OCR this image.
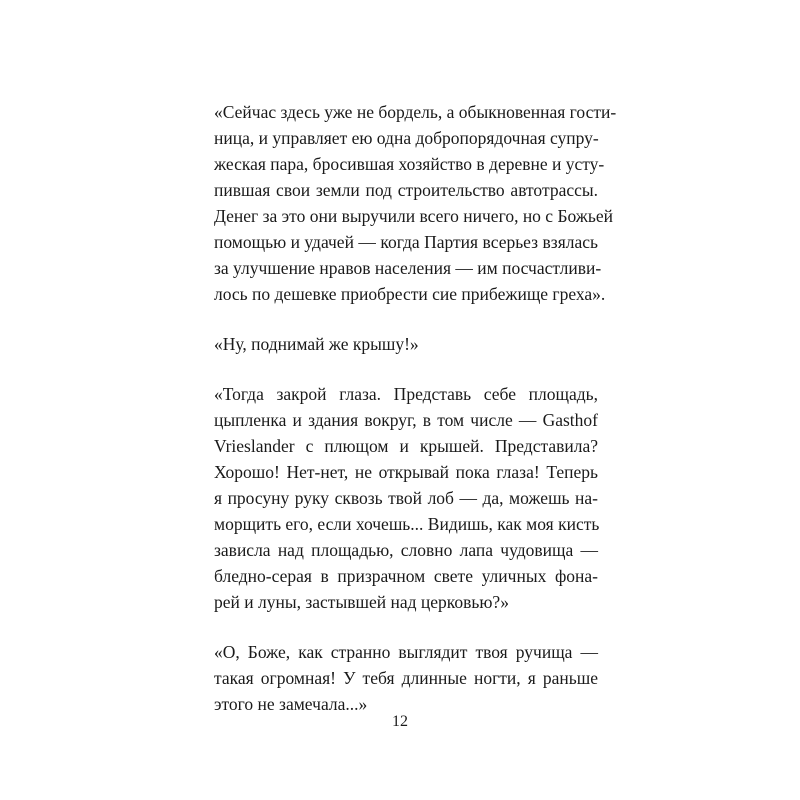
«Сейчас здесь уже не бордель, а обыкновенная гости-
ница, и управляет ею одна добропорядочная супру-
жеская пара, бросившая хозяйство в деревне и усту-
пившая свои земли под строительство автотрассы.
Денег за это они выручили всего ничего, но с Божьей
помощью и удачей — когда Партия всерьез взялась
за улучшение нравов населения — им посчастливи-
лось по дешевке приобрести сие прибежище греха».
«Ну, поднимай же крышу!»
«Тогда закрой глаза. Представь себе площадь,
цыпленка и здания вокруг, в том числе — Gasthof
Vrieslander с плющом и крышей. Представила?
Хорошо! Нет-нет, не открывай пока глаза! Теперь
я просуну руку сквозь твой лоб — да, можешь на-
морщить его, если хочешь... Видишь, как моя кисть
зависла над площадью, словно лапа чудовища —
бледно-серая в призрачном свете уличных фона-
рей и луны, застывшей над церковью?»
«О, Боже, как странно выглядит твоя ручища —
такая огромная! У тебя длинные ногти, я раньше
этого не замечала...»
12
